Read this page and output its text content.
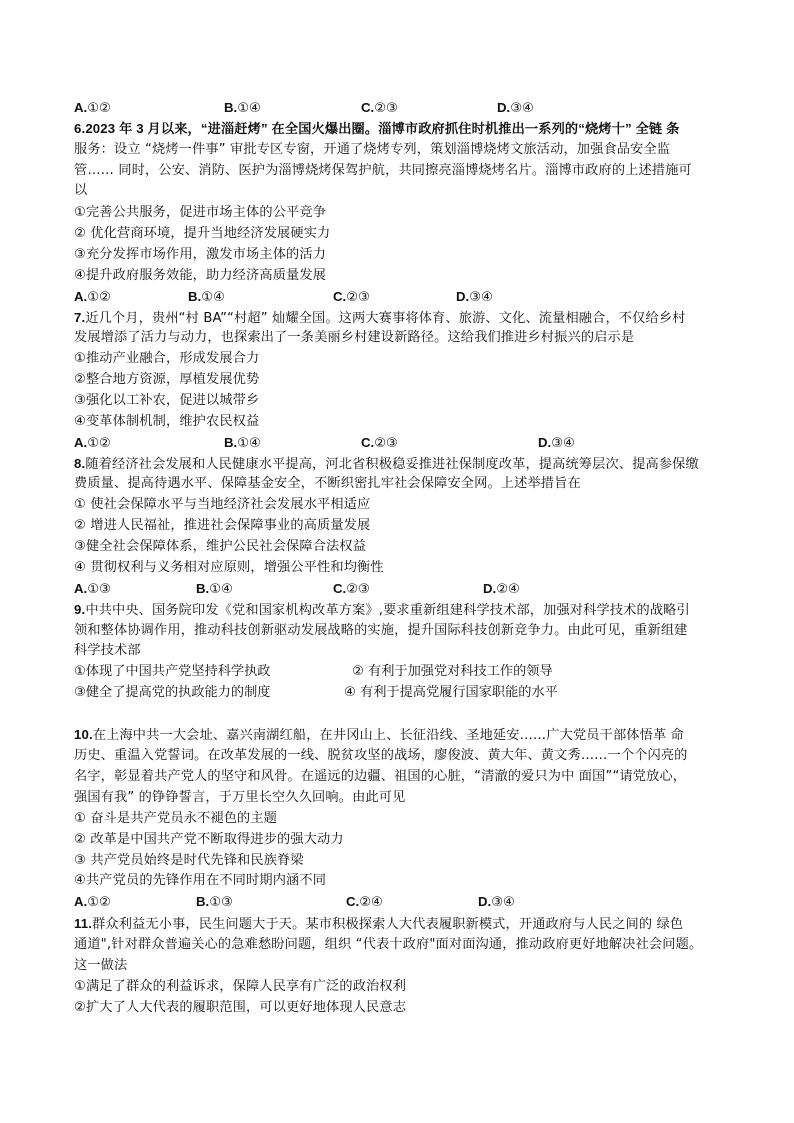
A.①②	B.①④	C.②③	D.③④
6.2023 年 3 月以来，“进淄赶烤” 在全国火爆出圈。淄博市政府抓住时机推出一系列的“烧烤十” 全链 条
服务：设立 “烧烤一件事” 审批专区专窗，开通了烧烤专列，策划淄博烧烤文旅活动，加强食品安全监
管…… 同时，公安、消防、医护为淄博烧烤保驾护航，共同擦亮淄博烧烤名片。淄博市政府的上述措施可
以
①完善公共服务，促进市场主体的公平竞争
② 优化营商环境，提升当地经济发展硬实力
③充分发挥市场作用，激发市场主体的活力
④提升政府服务效能，助力经济高质量发展
A.①②	B.①④	C.②③	D.③④
7.近几个月，贵州“村 BA”“村超” 灿耀全国。这两大赛事将体育、旅游、文化、流量相融合，不仅给乡村
发展增添了活力与动力，也探索出了一条美丽乡村建设新路径。这给我们推进乡村振兴的启示是
①推动产业融合，形成发展合力
②整合地方资源，厚植发展优势
③强化以工补农，促进以城带乡
④变革体制机制，维护农民权益
A.①②	B.①④	C.②③	D.③④
8.随着经济社会发展和人民健康水平提高，河北省积极稳妥推进社保制度改革，提高统筹层次、提高参保缴
费质量、提高待遇水平、保障基金安全，不断织密扎牢社会保障安全网。上述举措旨在
① 使社会保障水平与当地经济社会发展水平相适应
② 增进人民福祉，推进社会保障事业的高质量发展
③健全社会保障体系，维护公民社会保障合法权益
④ 贯彻权利与义务相对应原则，增强公平性和均衡性
A.①③	B.①④	C.②③	D.②④
9.中共中央、国务院印发《党和国家机构改革方案》,要求重新组建科学技术部，加强对科学技术的战略引
领和整体协调作用，推动科技创新驱动发展战略的实施，提升国际科技创新竞争力。由此可见，重新组建
科学技术部
①体现了中国共产党坚持科学执政	② 有利于加强党对科技工作的领导
③健全了提高党的执政能力的制度	④ 有利于提高党履行国家职能的水平
10.在上海中共一大会址、嘉兴南湖红船，在井冈山上、长征沿线、圣地延安……广大党员干部体悟革 命
历史、重温入党誓词。在改革发展的一线、脱贫攻坚的战场，廖俊波、黄大年、黄文秀……一个个闪亮的
名字，彰显着共产党人的坚守和风骨。在遥远的边疆、祖国的心脏，“清澈的爱只为中 面国”“请党放心，
强国有我” 的铮铮誓言，于万里长空久久回响。由此可见
① 奋斗是共产党员永不褪色的主题
② 改革是中国共产党不断取得进步的强大动力
③ 共产党员始终是时代先锋和民族脊梁
④共产党员的先锋作用在不同时期内涵不同
A.①②	B.①③	C.②④	D.③④
11.群众利益无小事，民生问题大于天。某市积极探索人大代表履职新模式，开通政府与人民之间的 绿色
通道",针对群众普遍关心的急难愁盼问题，组织 “代表十政府"面对面沟通，推动政府更好地解决社会问题。
这一做法
①满足了群众的利益诉求，保障人民享有广泛的政治权利
②扩大了人大代表的履职范围，可以更好地体现人民意志
